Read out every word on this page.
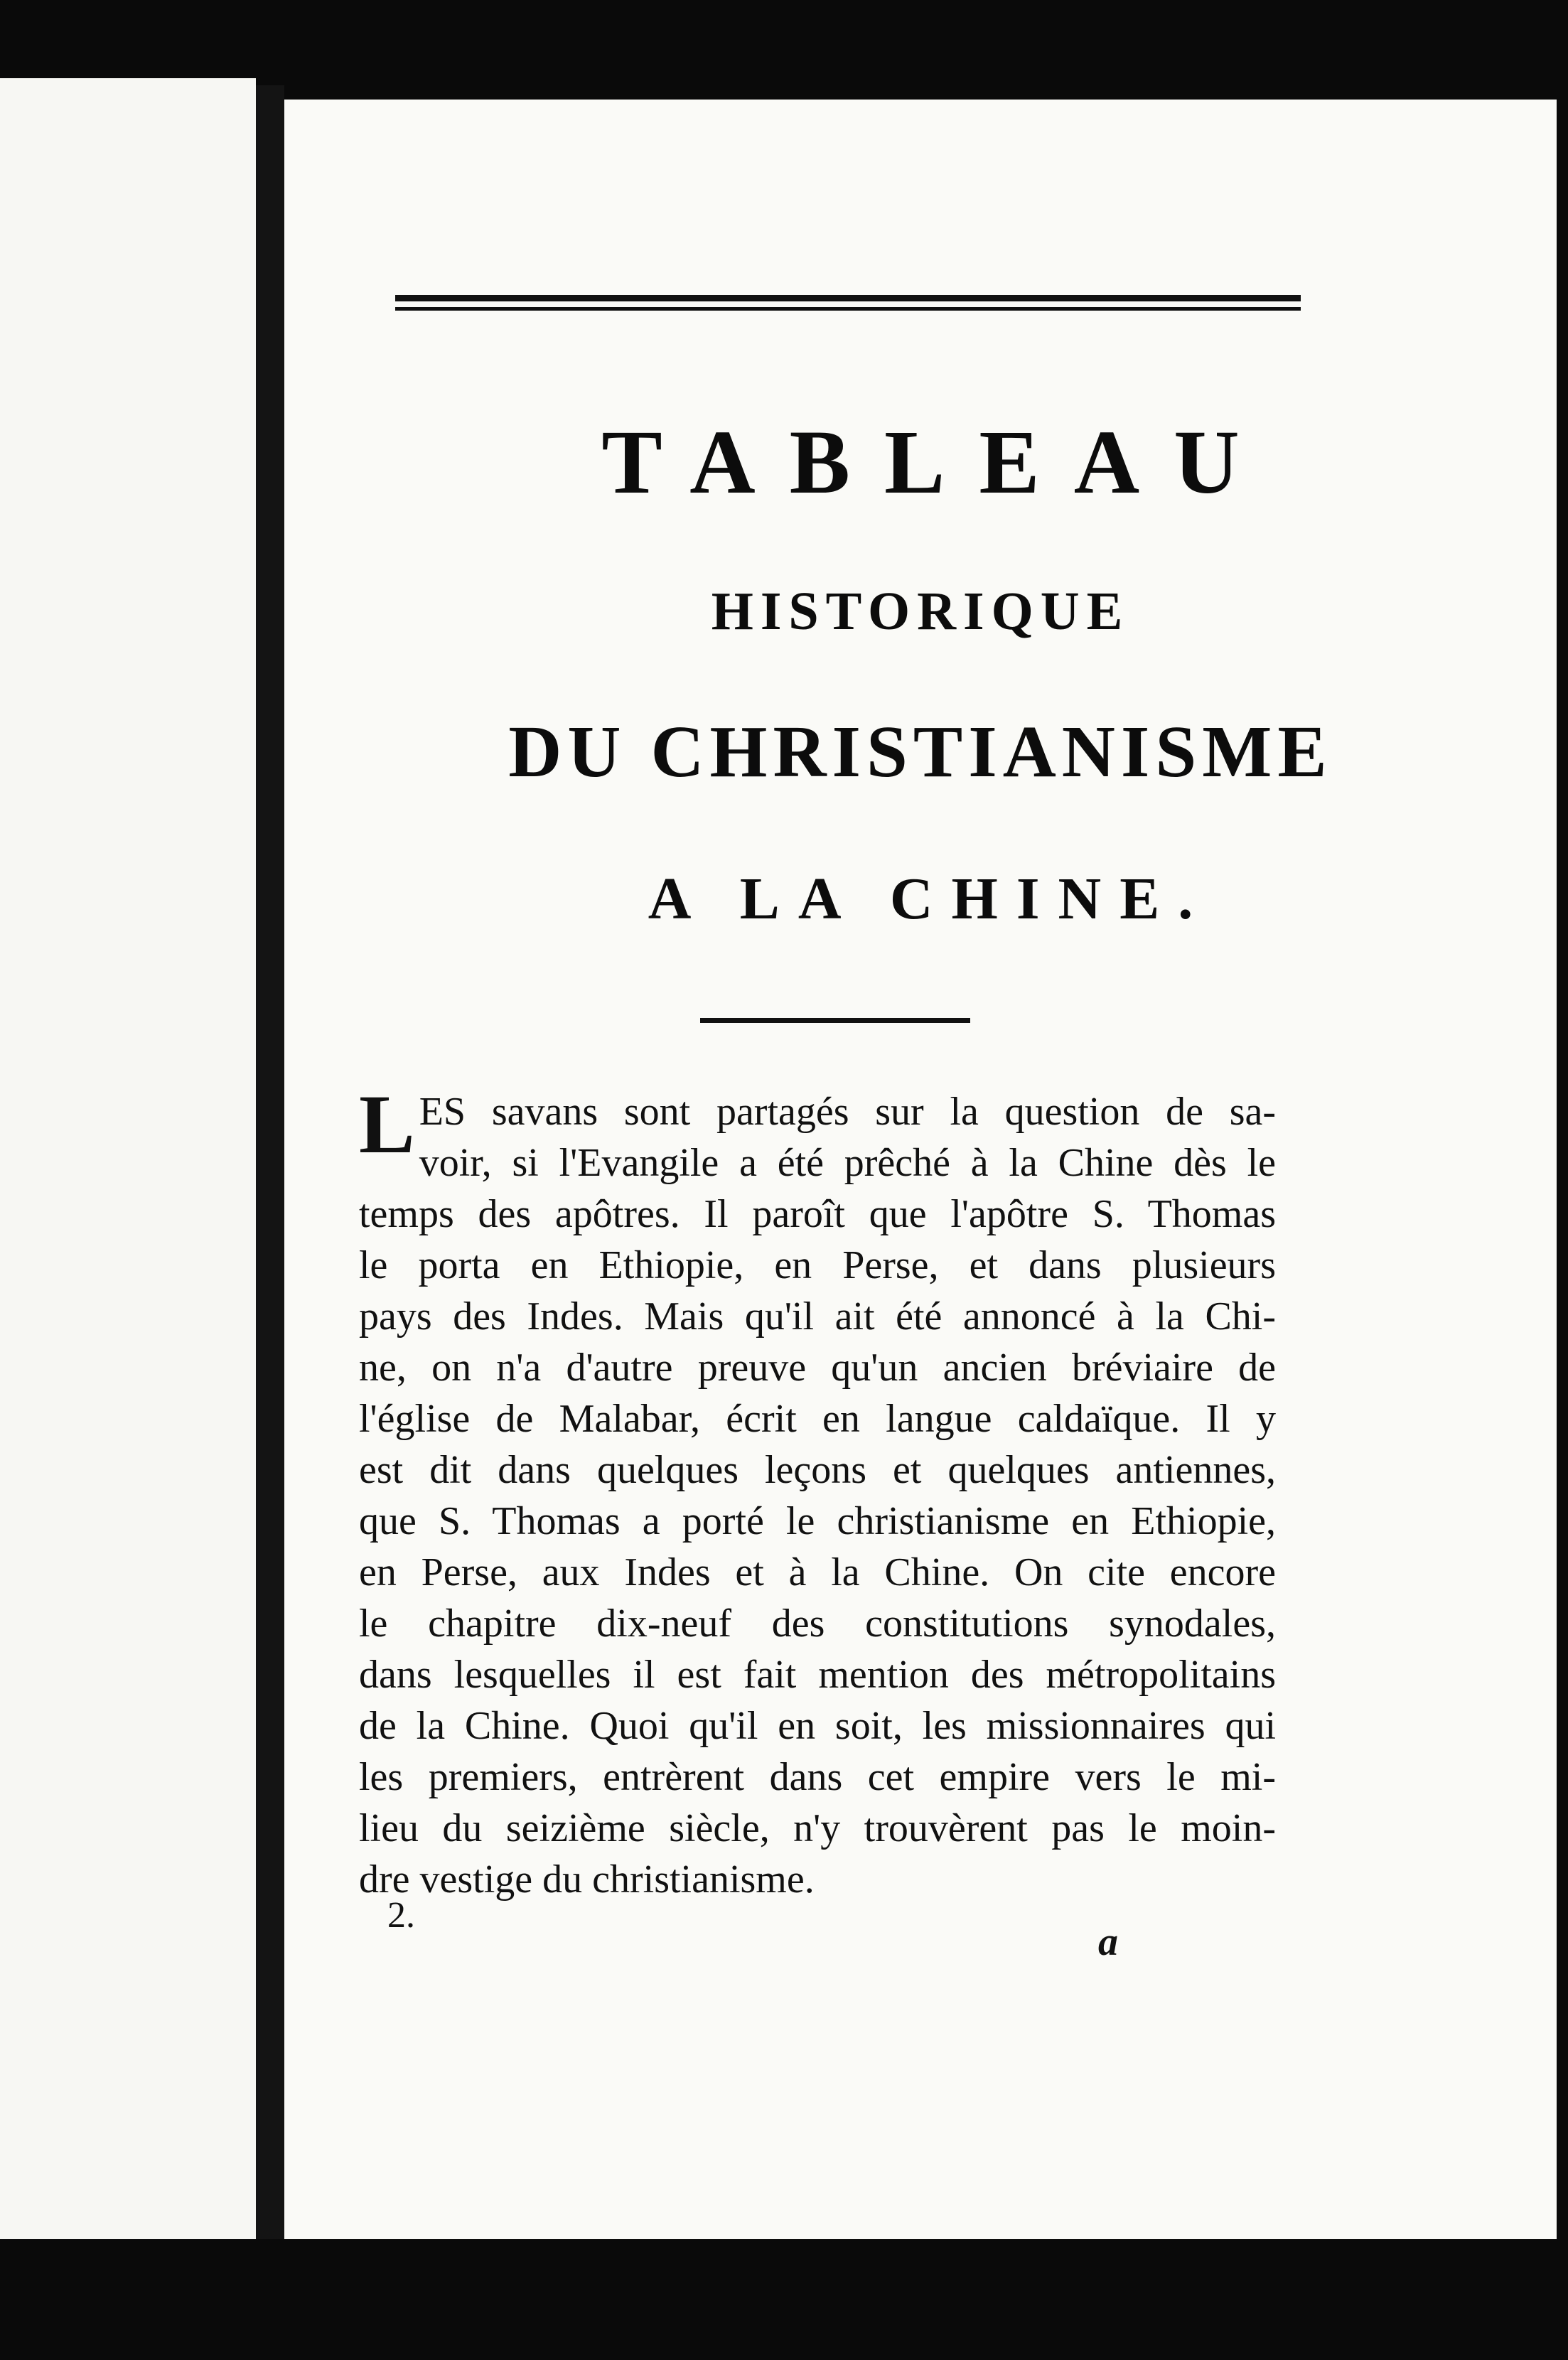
TABLEAU
HISTORIQUE
DU CHRISTIANISME
A LA CHINE.
L ES savans sont partagés sur la question de sa-
voir, si l'Evangile a été prêché à la Chine dès le
temps des apôtres. Il paroît que l'apôtre S. Thomas
le porta en Ethiopie, en Perse, et dans plusieurs
pays des Indes. Mais qu'il ait été annoncé à la Chi-
ne, on n'a d'autre preuve qu'un ancien bréviaire de
l'église de Malabar, écrit en langue caldaïque. Il y
est dit dans quelques leçons et quelques antiennes,
que S. Thomas a porté le christianisme en Ethiopie,
en Perse, aux Indes et à la Chine. On cite encore
le chapitre dix-neuf des constitutions synodales,
dans lesquelles il est fait mention des métropolitains
de la Chine. Quoi qu'il en soit, les missionnaires qui
les premiers, entrèrent dans cet empire vers le mi-
lieu du seizième siècle, n'y trouvèrent pas le moin-
dre vestige du christianisme.
2.
a
